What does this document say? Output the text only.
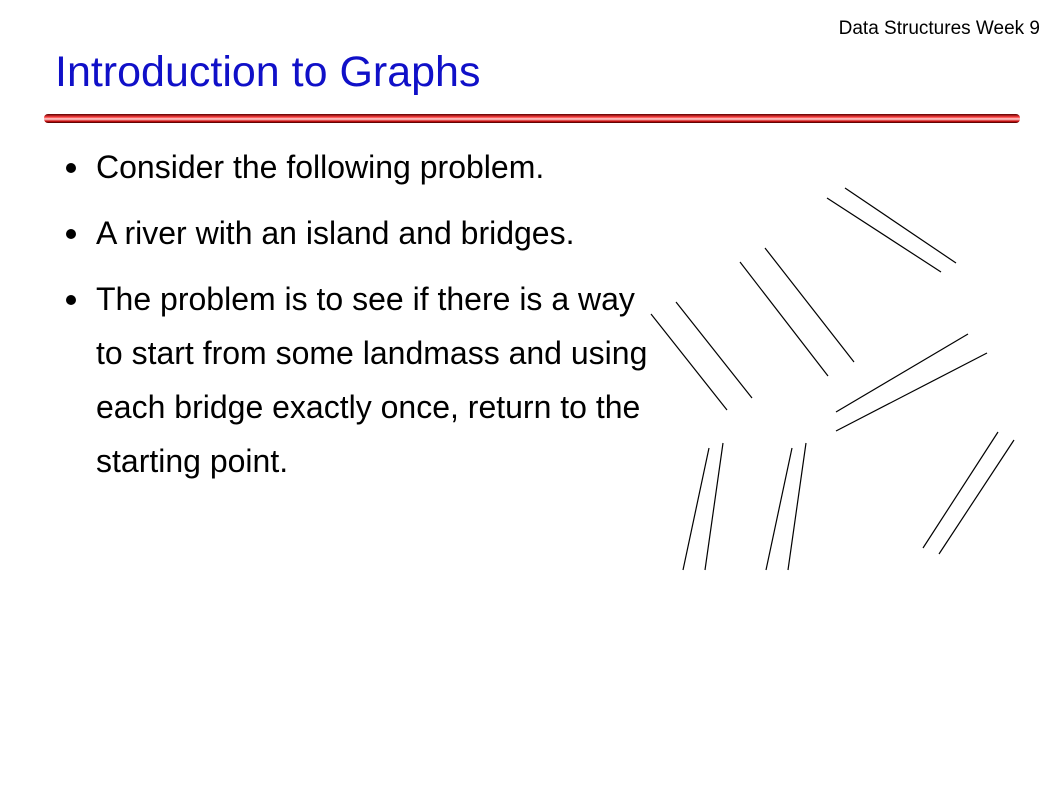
Data Structures Week 9
Introduction to Graphs
Consider the following problem.
A river with an island and bridges.
The problem is to see if there is a way to start from some landmass and using each bridge exactly once, return to the starting point.
